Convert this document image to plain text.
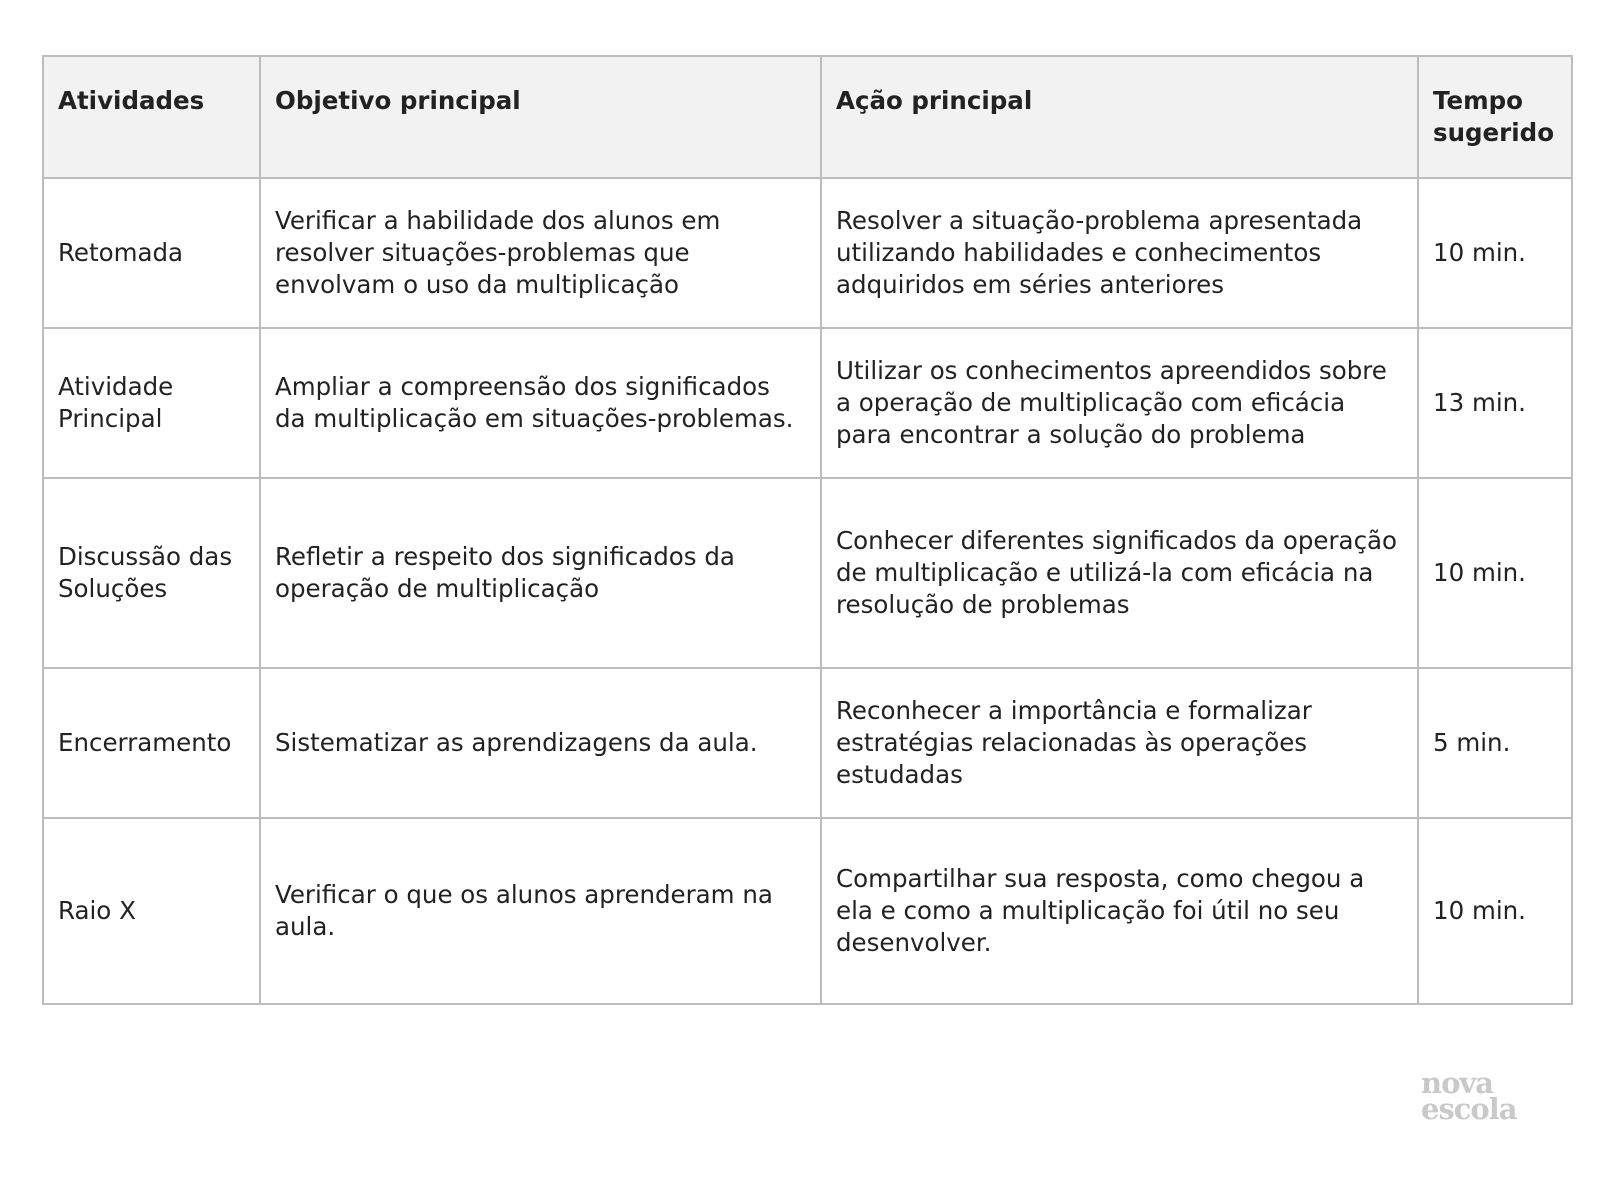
Atividades	Objetivo principal	Ação principal	Tempo sugerido
Retomada	Verificar a habilidade dos alunos em resolver situações-problemas que envolvam o uso da multiplicação	Resolver a situação-problema apresentada utilizando habilidades e conhecimentos adquiridos em séries anteriores	10 min.
Atividade Principal	Ampliar a compreensão dos significados da multiplicação em situações-problemas.	Utilizar os conhecimentos apreendidos sobre a operação de multiplicação com eficácia para encontrar a solução do problema	13 min.
Discussão das Soluções	Refletir a respeito dos significados da operação de multiplicação	Conhecer diferentes significados da operação de multiplicação e utilizá-la com eficácia na resolução de problemas	10 min.
Encerramento	Sistematizar as aprendizagens da aula.	Reconhecer a importância e formalizar estratégias relacionadas às operações estudadas	5 min.
Raio X	Verificar o que os alunos aprenderam na aula.	Compartilhar sua resposta, como chegou a ela e como a multiplicação foi útil no seu desenvolver.	10 min.
nova
escola
